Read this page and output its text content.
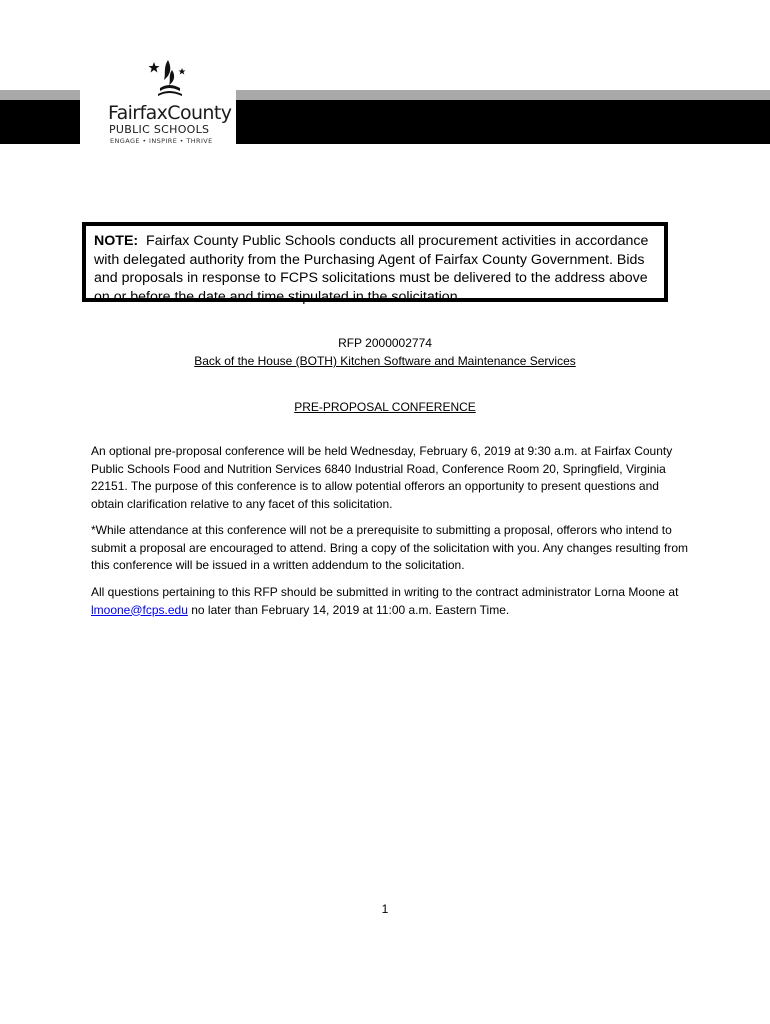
FairfaxCounty
PUBLIC SCHOOLS
ENGAGE • INSPIRE • THRIVE
NOTE: Fairfax County Public Schools conducts all procurement activities in accordance with delegated authority from the Purchasing Agent of Fairfax County Government. Bids and proposals in response to FCPS solicitations must be delivered to the address above on or before the date and time stipulated in the solicitation.
RFP 2000002774
Back of the House (BOTH) Kitchen Software and Maintenance Services
PRE-PROPOSAL CONFERENCE
An optional pre-proposal conference will be held Wednesday, February 6, 2019 at 9:30 a.m. at Fairfax County Public Schools Food and Nutrition Services 6840 Industrial Road, Conference Room 20, Springfield, Virginia 22151. The purpose of this conference is to allow potential offerors an opportunity to present questions and obtain clarification relative to any facet of this solicitation.
*While attendance at this conference will not be a prerequisite to submitting a proposal, offerors who intend to submit a proposal are encouraged to attend. Bring a copy of the solicitation with you. Any changes resulting from this conference will be issued in a written addendum to the solicitation.
All questions pertaining to this RFP should be submitted in writing to the contract administrator Lorna Moone at lmoone@fcps.edu no later than February 14, 2019 at 11:00 a.m. Eastern Time.
1
